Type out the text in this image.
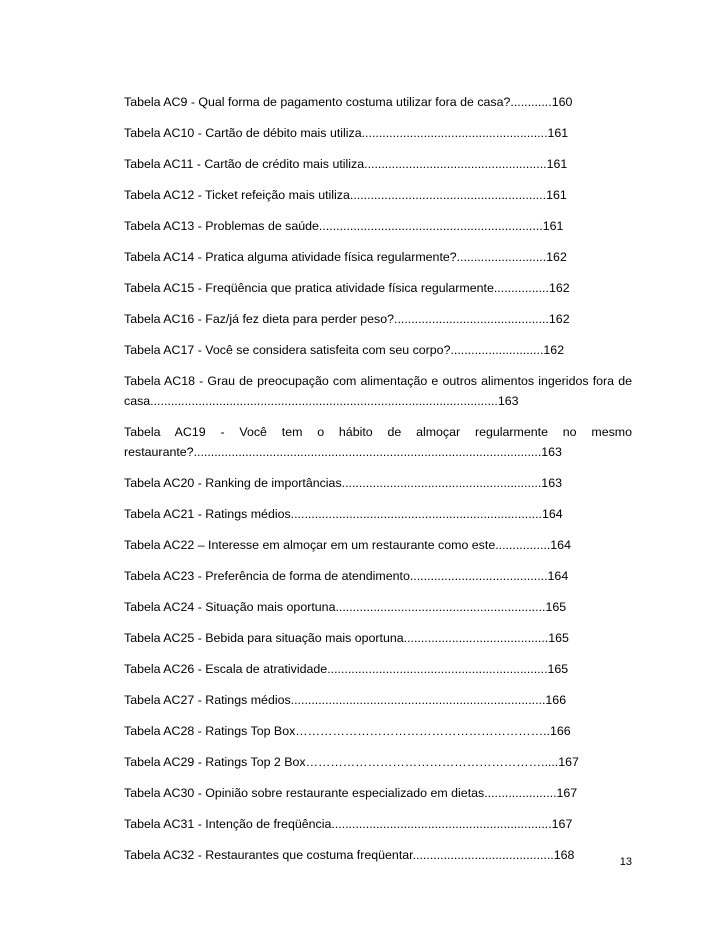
Tabela AC9 - Qual forma de pagamento costuma utilizar fora de casa?............160
Tabela AC10 - Cartão de débito mais utiliza......................................................161
Tabela AC11 - Cartão de crédito mais utiliza.....................................................161
Tabela AC12 - Ticket refeição mais utiliza.........................................................161
Tabela AC13 - Problemas de saúde.................................................................161
Tabela AC14 - Pratica alguma atividade física regularmente?..........................162
Tabela AC15 - Freqüência que pratica atividade física regularmente................162
Tabela AC16 - Faz/já fez dieta para perder peso?.............................................162
Tabela AC17 - Você se considera satisfeita com seu corpo?...........................162
Tabela AC18 - Grau de preocupação com alimentação e outros alimentos ingeridos fora de casa.....................................................................................................163
Tabela AC19 - Você tem o hábito de almoçar regularmente no mesmo restaurante?.....................................................................................................163
Tabela AC20 - Ranking de importâncias..........................................................163
Tabela AC21 - Ratings médios.........................................................................164
Tabela AC22 – Interesse em almoçar em um restaurante como este................164
Tabela AC23 - Preferência de forma de atendimento........................................164
Tabela AC24 - Situação mais oportuna.............................................................165
Tabela AC25 - Bebida para situação mais oportuna..........................................165
Tabela AC26 - Escala de atratividade................................................................165
Tabela AC27 - Ratings médios..........................................................................166
Tabela AC28 - Ratings Top Box……………………………………………………..166
Tabela AC29 - Ratings Top 2 Box………………………………………………….....167
Tabela AC30 - Opinião sobre restaurante especializado em dietas.....................167
Tabela AC31 - Intenção de freqüência................................................................167
Tabela AC32 - Restaurantes que costuma freqüentar.........................................168	13
